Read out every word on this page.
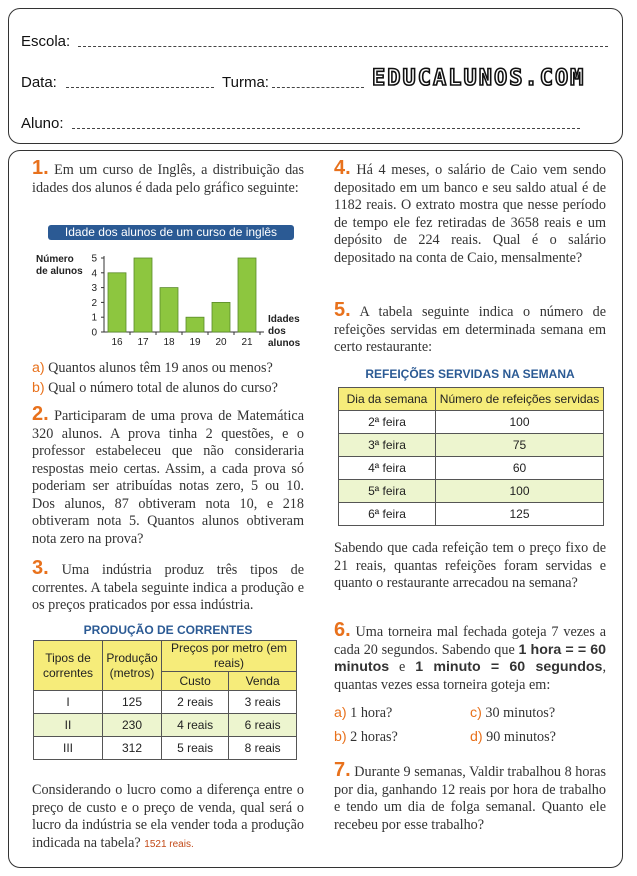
Escola:
Data:	Turma:	EDUCALUNOS.COM
Aluno:
1. Em um curso de Inglês, a distribuição das idades dos alunos é dada pelo gráfico seguinte:
Idade dos alunos de um curso de inglês
Número de alunos
Idades dos alunos
0
1
2
3
4
5
16 17 18 19 20 21
a) Quantos alunos têm 19 anos ou menos?
b) Qual o número total de alunos do curso?
2. Participaram de uma prova de Matemática 320 alunos. A prova tinha 2 questões, e o professor estabeleceu que não consideraria respostas meio certas. Assim, a cada prova só poderiam ser atribuídas notas zero, 5 ou 10. Dos alunos, 87 obtiveram nota 10, e 218 obtiveram nota 5. Quantos alunos obtiveram nota zero na prova?
3. Uma indústria produz três tipos de correntes. A tabela seguinte indica a produção e os preços praticados por essa indústria.
PRODUÇÃO DE CORRENTES
Tipos de correntes	Produção (metros)	Preços por metro (em reais)	
		Custo	Venda
I	125	2 reais	3 reais
II	230	4 reais	6 reais
III	312	5 reais	8 reais
Considerando o lucro como a diferença entre o preço de custo e o preço de venda, qual será o lucro da indústria se ela vender toda a produção indicada na tabela? 1521 reais.
4. Há 4 meses, o salário de Caio vem sendo depositado em um banco e seu saldo atual é de 1182 reais. O extrato mostra que nesse período de tempo ele fez retiradas de 3658 reais e um depósito de 224 reais. Qual é o salário depositado na conta de Caio, mensalmente?
5. A tabela seguinte indica o número de refeições servidas em determinada semana em certo restaurante:
REFEIÇÕES SERVIDAS NA SEMANA
Dia da semana	Número de refeições servidas
2ª feira	100
3ª feira	75
4ª feira	60
5ª feira	100
6ª feira	125
Sabendo que cada refeição tem o preço fixo de 21 reais, quantas refeições foram servidas e quanto o restaurante arrecadou na semana?
6. Uma torneira mal fechada goteja 7 vezes a cada 20 segundos. Sabendo que 1 hora = = 60 minutos e 1 minuto = 60 segundos, quantas vezes essa torneira goteja em:
a) 1 hora?	c) 30 minutos?
b) 2 horas?	d) 90 minutos?
7. Durante 9 semanas, Valdir trabalhou 8 horas por dia, ganhando 12 reais por hora de trabalho e tendo um dia de folga semanal. Quanto ele recebeu por esse trabalho?
